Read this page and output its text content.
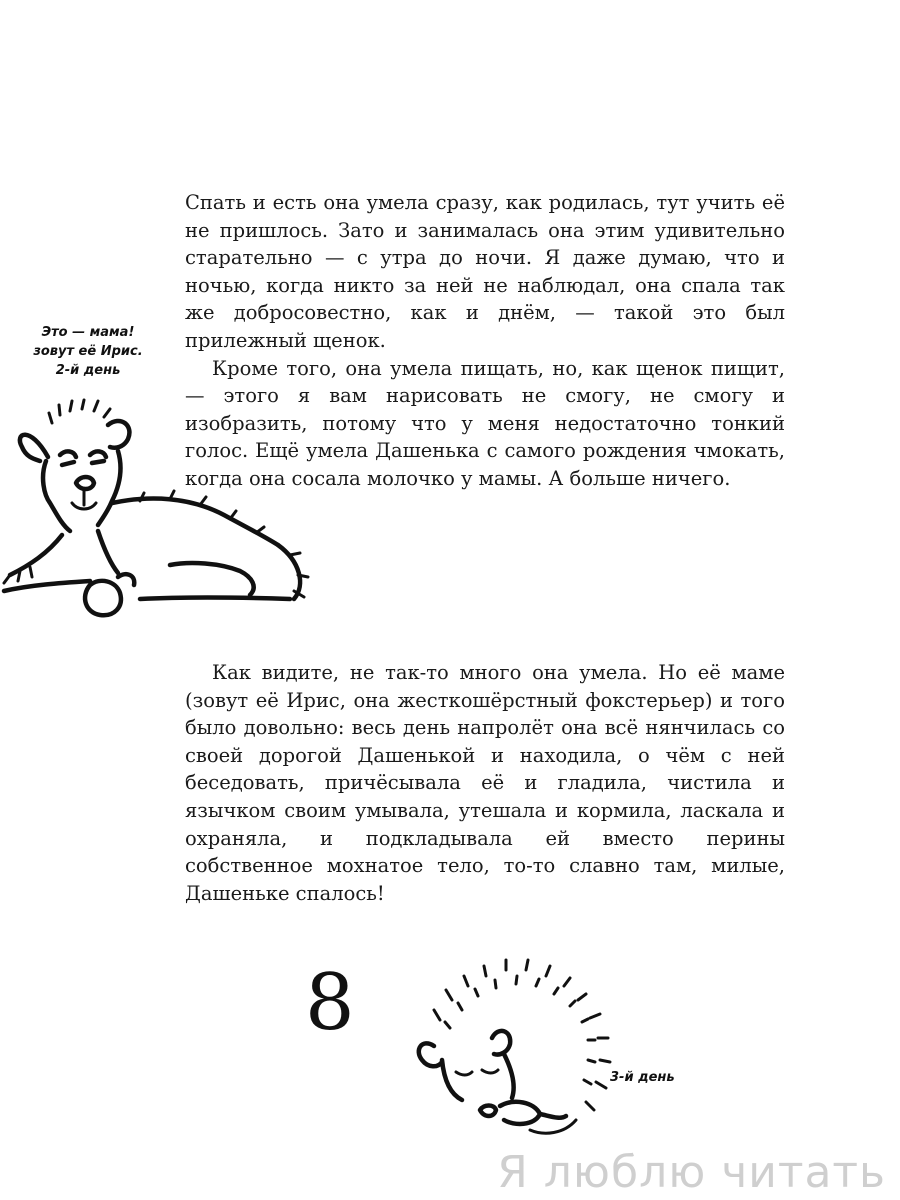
Спать и есть она умела сразу, как родилась, тут учить её не пришлось. Зато и занималась она этим удивительно старательно — с утра до ночи. Я даже думаю, что и ночью, когда никто за ней не наблюдал, она спала так же добросовестно, как и днём, — такой это был прилежный щенок.

Кроме того, она умела пищать, но, как щенок пищит, — этого я вам нарисовать не смогу, не смогу и изобразить, потому что у меня недостаточно тонкий голос. Ещё умела Дашенька с самого рождения чмокать, когда она сосала молочко у мамы. А больше ничего.

Это — мама!
зовут её Ирис.
2-й день

Как видите, не так-то много она умела. Но её маме (зовут её Ирис, она жесткошёрстный фокстерьер) и того было довольно: весь день напролёт она всё нянчилась со своей дорогой Дашенькой и находила, о чём с ней беседовать, причёсывала её и гладила, чистила и язычком своим умывала, утешала и кормила, ласкала и охраняла, и подкладывала ей вместо перины собственное мохнатое тело, то-то славно там, милые, Дашеньке спалось!

8
3-й день
Я люблю читать
